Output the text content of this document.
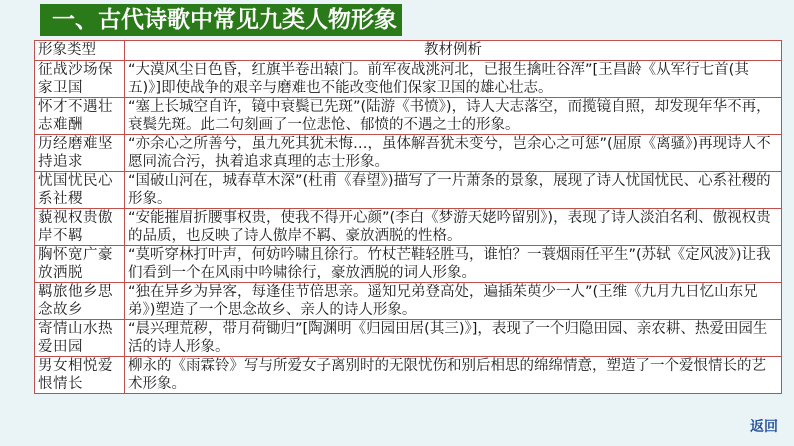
一、古代诗歌中常见九类人物形象
形象类型	教材例析
征战沙场保家卫国	“大漠风尘日色昏，红旗半卷出辕门。前军夜战洮河北，已报生擒吐谷浑”[王昌龄《从军行七首(其五)》]即使战争的艰辛与磨难也不能改变他们保家卫国的雄心壮志。
怀才不遇壮志难酬	“塞上长城空自许，镜中衰鬓已先斑”(陆游《书愤》)，诗人大志落空，而揽镜自照，却发现年华不再，衰鬓先斑。此二句刻画了一位悲怆、郁愤的不遇之士的形象。
历经磨难坚持追求	“亦余心之所善兮，虽九死其犹未悔…，虽体解吾犹未变兮，岂余心之可惩”(屈原《离骚》)再现诗人不愿同流合污，执着追求真理的志士形象。
忧国忧民心系社稷	“国破山河在，城春草木深”(杜甫《春望》)描写了一片萧条的景象，展现了诗人忧国忧民、心系社稷的形象。
藐视权贵傲岸不羁	“安能摧眉折腰事权贵，使我不得开心颜”(李白《梦游天姥吟留别》)，表现了诗人淡泊名利、傲视权贵的品质，也反映了诗人傲岸不羁、豪放洒脱的性格。
胸怀宽广豪放洒脱	“莫听穿林打叶声，何妨吟啸且徐行。竹杖芒鞋轻胜马，谁怕？一蓑烟雨任平生”(苏轼《定风波》)让我们看到一个在风雨中吟啸徐行，豪放洒脱的词人形象。
羁旅他乡思念故乡	“独在异乡为异客，每逢佳节倍思亲。遥知兄弟登高处，遍插茱萸少一人”(王维《九月九日忆山东兄弟》)塑造了一个思念故乡、亲人的诗人形象。
寄情山水热爱田园	“晨兴理荒秽，带月荷锄归”[陶渊明《归园田居(其三)》]，表现了一个归隐田园、亲农耕、热爱田园生活的诗人形象。
男女相悦爱恨情长	柳永的《雨霖铃》写与所爱女子离别时的无限忧伤和别后相思的绵绵情意，塑造了一个爱恨情长的艺术形象。
返回
